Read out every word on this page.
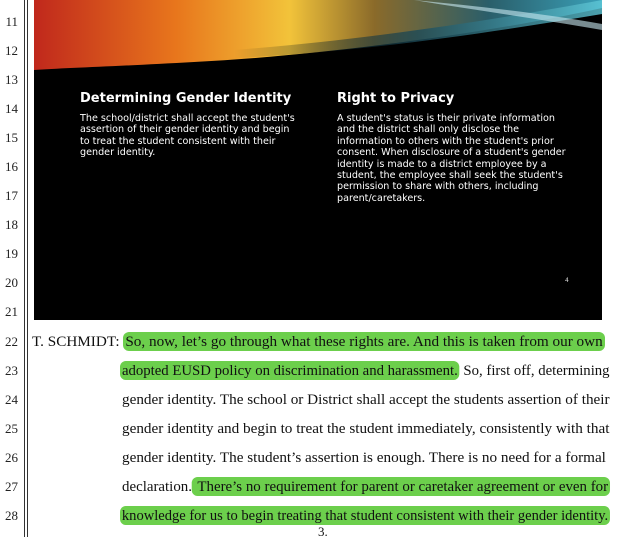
11
12
13
14
15
16
17
18
19
20
21
22
23
24
25
26
27
28
Determining Gender Identity
The school/district shall accept the student's
assertion of their gender identity and begin
to treat the student consistent with their
gender identity.
Right to Privacy
A student's status is their private information
and the district shall only disclose the
information to others with the student's prior
consent. When disclosure of a student's gender
identity is made to a district employee by a
student, the employee shall seek the student's
permission to share with others, including
parent/caretakers.
4
T. SCHMIDT: So, now, let’s go through what these rights are. And this is taken from our own
adopted EUSD policy on discrimination and harassment. So, first off, determining
gender identity. The school or District shall accept the students assertion of their
gender identity and begin to treat the student immediately, consistently with that
gender identity. The student’s assertion is enough. There is no need for a formal
declaration. There’s no requirement for parent or caretaker agreement or even for
knowledge for us to begin treating that student consistent with their gender identity.
3.
